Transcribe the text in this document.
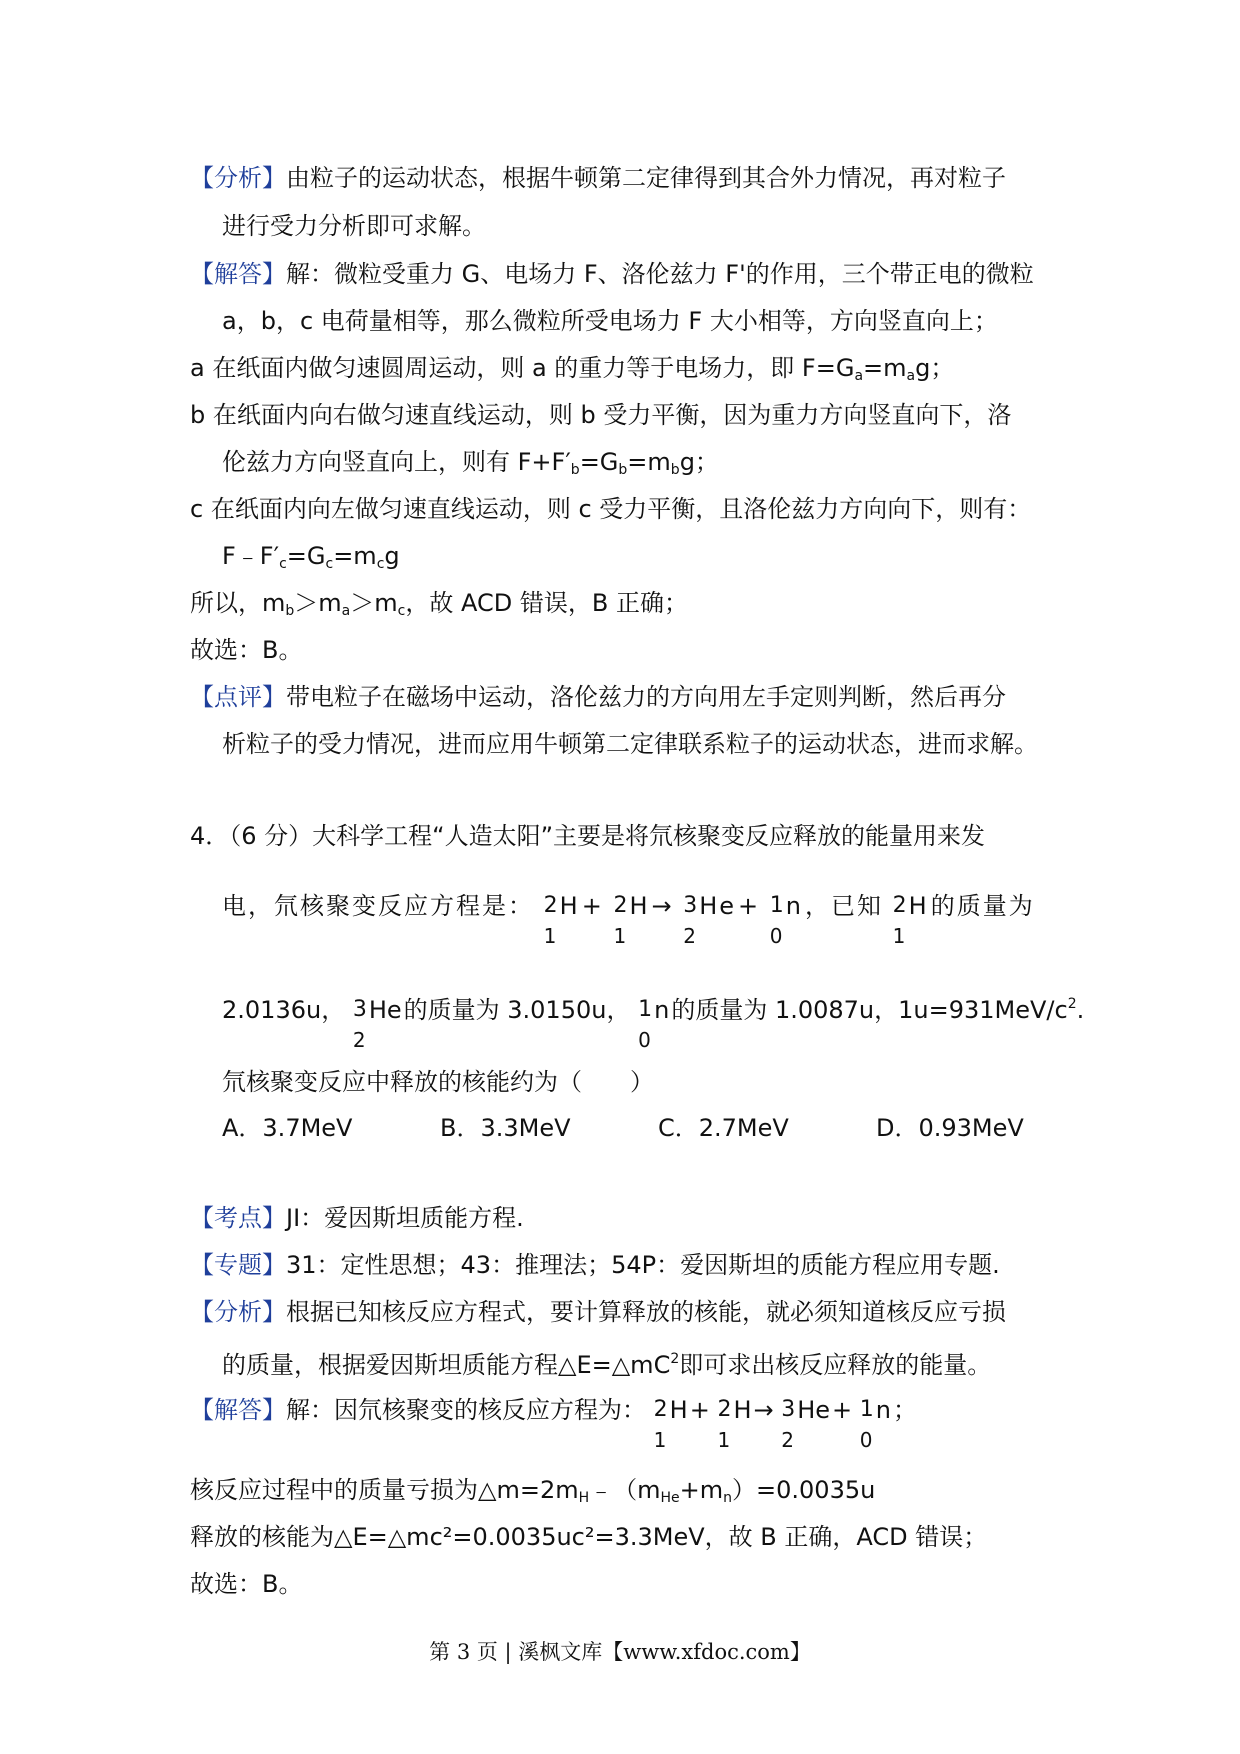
【分析】由粒子的运动状态，根据牛顿第二定律得到其合外力情况，再对粒子
进行受力分析即可求解。
【解答】解：微粒受重力 G、电场力 F、洛伦兹力 F'的作用，三个带正电的微粒
a，b，c 电荷量相等，那么微粒所受电场力 F 大小相等，方向竖直向上；
a 在纸面内做匀速圆周运动，则 a 的重力等于电场力，即 $F=G_a=m_ag$；
b 在纸面内向右做匀速直线运动，则 b 受力平衡，因为重力方向竖直向下，洛
伦兹力方向竖直向上，则有 $F+F'_b=G_b=m_bg$；
c 在纸面内向左做匀速直线运动，则 c 受力平衡，且洛伦兹力方向向下，则有：
$F﹣F'_c=G_c=m_cg$
所以，$m_b>m_a>m_c$，故 ACD 错误，B 正确；
故选：B。
【点评】带电粒子在磁场中运动，洛伦兹力的方向用左手定则判断，然后再分
析粒子的受力情况，进而应用牛顿第二定律联系粒子的运动状态，进而求解。
4．（6 分）大科学工程“人造太阳”主要是将氘核聚变反应释放的能量用来发
电，氘核聚变反应方程是： 2
1
H+ 2
1
H→ 3
2
He+ 1
0
n，已知 2
1
H的质量为
2.0136u， 3
2
He的质量为 3.0150u， 1
0
n的质量为 1.0087u，$1u=931MeV/c^2$.
氘核聚变反应中释放的核能约为（　　）
A．3.7MeV	B．3.3MeV	C．2.7MeV	D．0.93MeV
【考点】JI：爱因斯坦质能方程.
【专题】31：定性思想；43：推理法；54P：爱因斯坦的质能方程应用专题.
【分析】根据已知核反应方程式，要计算释放的核能，就必须知道核反应亏损
的质量，根据爱因斯坦质能方程$\triangle E=\triangle mC^2$即可求出核反应释放的能量。
【解答】解：因氘核聚变的核反应方程为： 2
1
H+ 2
1
H→ 3
2
He+ 1
0
n；
核反应过程中的质量亏损为$\triangle m=2m_H﹣(m_{He}+m_n)=0.0035u$
释放的核能为△E=△mc²=0.0035uc²=3.3MeV，故 B 正确，ACD 错误；
故选：B。
第 3 页 | 溪枫文库【www.xfdoc.com】
